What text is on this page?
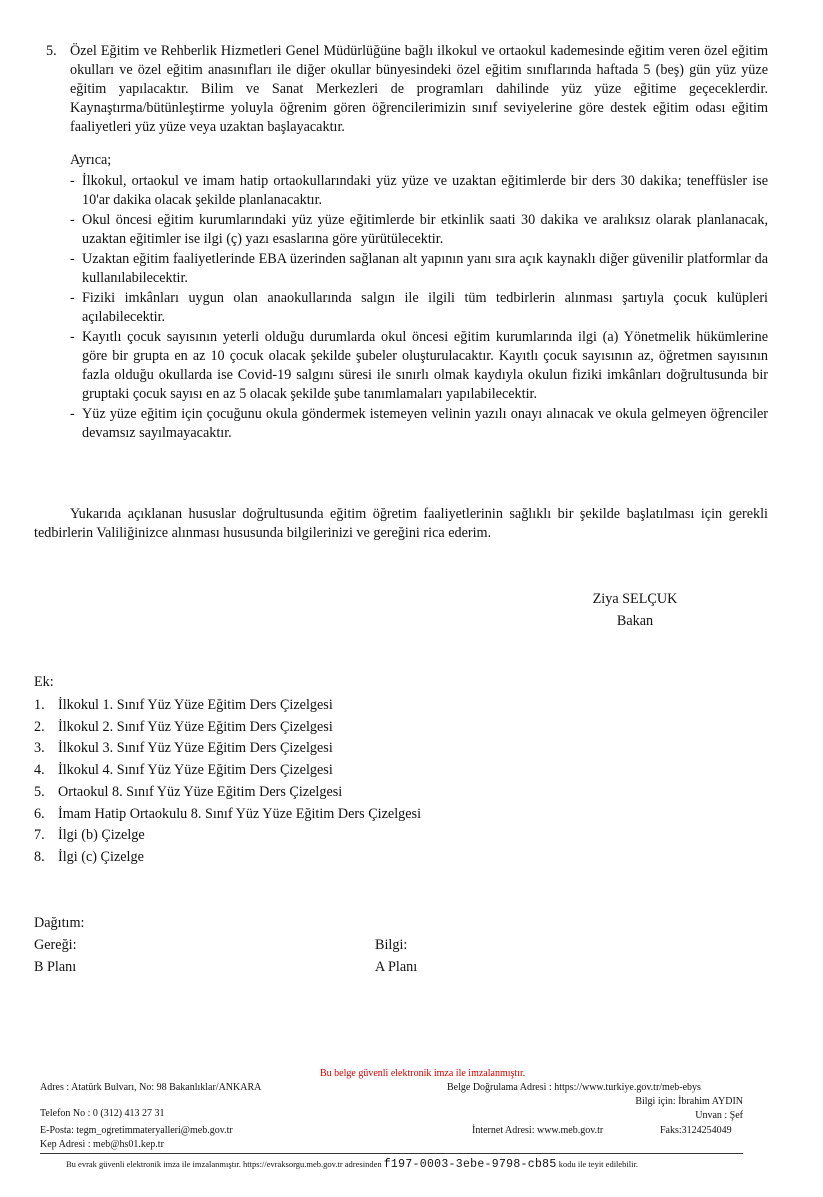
5. Özel Eğitim ve Rehberlik Hizmetleri Genel Müdürlüğüne bağlı ilkokul ve ortaokul kademesinde eğitim veren özel eğitim okulları ve özel eğitim anasınıfları ile diğer okullar bünyesindeki özel eğitim sınıflarında haftada 5 (beş) gün yüz yüze eğitim yapılacaktır. Bilim ve Sanat Merkezleri de programları dahilinde yüz yüze eğitime geçeceklerdir. Kaynaştırma/bütünleştirme yoluyla öğrenim gören öğrencilerimizin sınıf seviyelerine göre destek eğitim odası eğitim faaliyetleri yüz yüze veya uzaktan başlayacaktır.
Ayrıca;
- İlkokul, ortaokul ve imam hatip ortaokullarındaki yüz yüze ve uzaktan eğitimlerde bir ders 30 dakika; teneffüsler ise 10'ar dakika olacak şekilde planlanacaktır.
- Okul öncesi eğitim kurumlarındaki yüz yüze eğitimlerde bir etkinlik saati 30 dakika ve aralıksız olarak planlanacak, uzaktan eğitimler ise ilgi (ç) yazı esaslarına göre yürütülecektir.
- Uzaktan eğitim faaliyetlerinde EBA üzerinden sağlanan alt yapının yanı sıra açık kaynaklı diğer güvenilir platformlar da kullanılabilecektir.
- Fiziki imkânları uygun olan anaokullarında salgın ile ilgili tüm tedbirlerin alınması şartıyla çocuk kulüpleri açılabilecektir.
- Kayıtlı çocuk sayısının yeterli olduğu durumlarda okul öncesi eğitim kurumlarında ilgi (a) Yönetmelik hükümlerine göre bir grupta en az 10 çocuk olacak şekilde şubeler oluşturulacaktır. Kayıtlı çocuk sayısının az, öğretmen sayısının fazla olduğu okullarda ise Covid-19 salgını süresi ile sınırlı olmak kaydıyla okulun fiziki imkânları doğrultusunda bir gruptaki çocuk sayısı en az 5 olacak şekilde şube tanımlamaları yapılabilecektir.
- Yüz yüze eğitim için çocuğunu okula göndermek istemeyen velinin yazılı onayı alınacak ve okula gelmeyen öğrenciler devamsız sayılmayacaktır.
Yukarıda açıklanan hususlar doğrultusunda eğitim öğretim faaliyetlerinin sağlıklı bir şekilde başlatılması için gerekli tedbirlerin Valiliğinizce alınması hususunda bilgilerinizi ve gereğini rica ederim.
Ziya SELÇUK
Bakan
Ek:
1. İlkokul 1. Sınıf Yüz Yüze Eğitim Ders Çizelgesi
2. İlkokul 2. Sınıf Yüz Yüze Eğitim Ders Çizelgesi
3. İlkokul 3. Sınıf Yüz Yüze Eğitim Ders Çizelgesi
4. İlkokul 4. Sınıf Yüz Yüze Eğitim Ders Çizelgesi
5. Ortaokul 8. Sınıf Yüz Yüze Eğitim Ders Çizelgesi
6. İmam Hatip Ortaokulu 8. Sınıf Yüz Yüze Eğitim Ders Çizelgesi
7. İlgi (b) Çizelge
8. İlgi (c) Çizelge
Dağıtım:
Gereği:
B Planı
Bilgi:
A Planı
Bu belge güvenli elektronik imza ile imzalanmıştır.
Adres : Atatürk Bulvarı, No: 98 Bakanlıklar/ANKARA
Telefon No : 0 (312) 413 27 31
E-Posta: tegm_ogretimmateryalleri@meb.gov.tr
Kep Adresi : meb@hs01.kep.tr
Belge Doğrulama Adresi : https://www.turkiye.gov.tr/meb-ebys
Bilgi için: İbrahim AYDIN
Unvan : Şef
İnternet Adresi: www.meb.gov.tr	Faks:3124254049
Bu evrak güvenli elektronik imza ile imzalanmıştır. https://evraksorgu.meb.gov.tr adresinden f197-0003-3ebe-9798-cb85 kodu ile teyit edilebilir.
